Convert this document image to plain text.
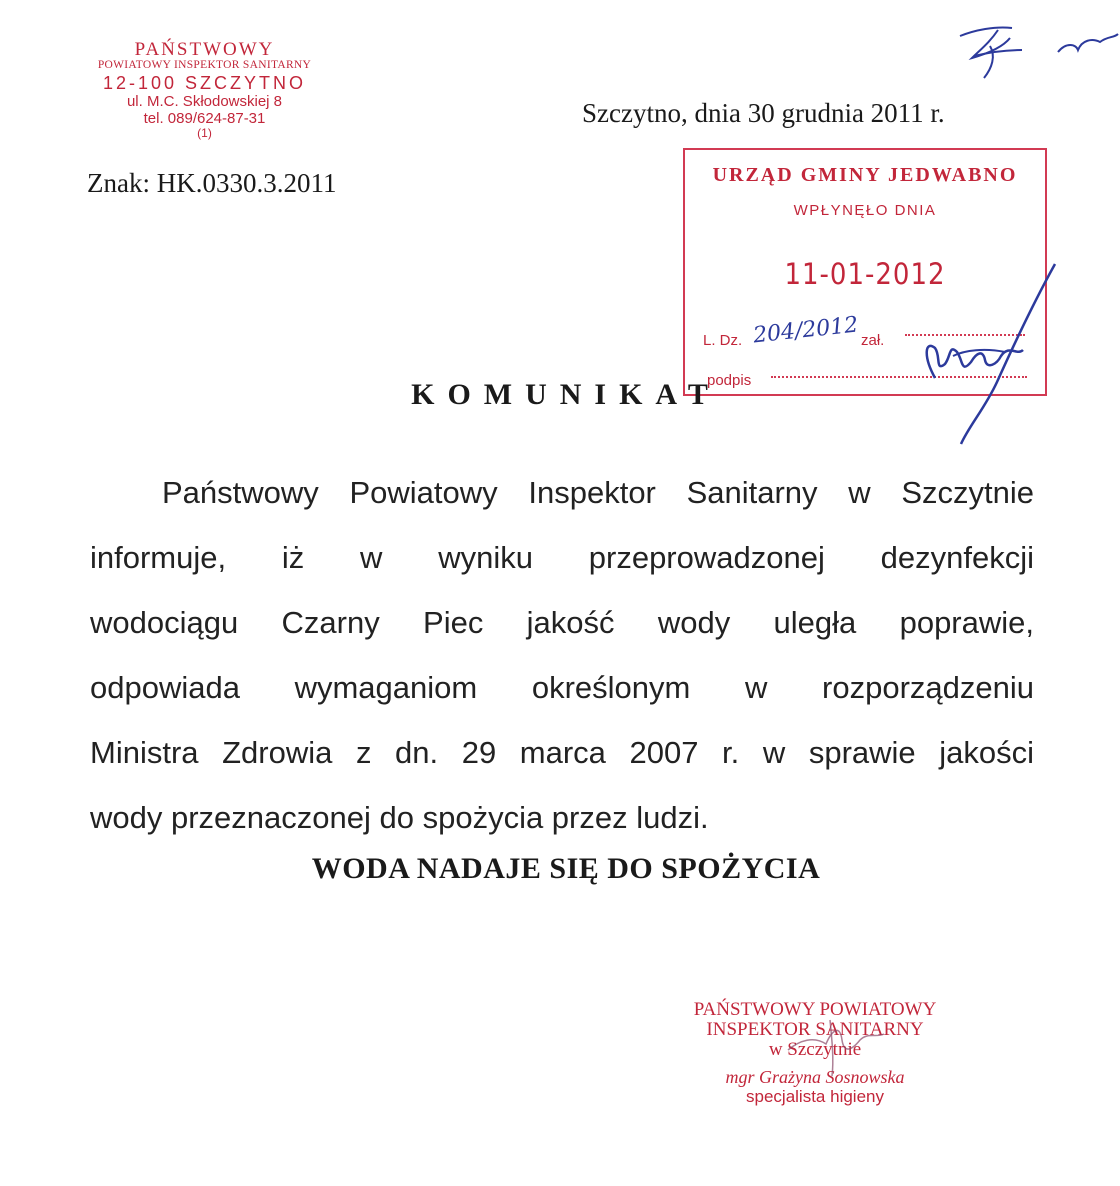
PAŃSTWOWY
POWIATOWY INSPEKTOR SANITARNY
12-100 SZCZYTNO
ul. M.C. Skłodowskiej 8
tel. 089/624-87-31
(1)
Szczytno, dnia 30 grudnia 2011 r.
Znak: HK.0330.3.2011	URZĄD GMINY JEDWABNO
WPŁYNĘŁO DNIA
11-01-2012
L. Dz. 204/2012 zał.
podpis
KOMUNIKAT
Państwowy Powiatowy Inspektor Sanitarny w Szczytnie
informuje, iż w wyniku przeprowadzonej dezynfekcji
wodociągu Czarny Piec jakość wody uległa poprawie,
odpowiada wymaganiom określonym w rozporządzeniu
Ministra Zdrowia z dn. 29 marca 2007 r. w sprawie jakości
wody przeznaczonej do spożycia przez ludzi.
WODA NADAJE SIĘ DO SPOŻYCIA
PAŃSTWOWY POWIATOWY
INSPEKTOR SANITARNY
w Szczytnie
mgr Grażyna Sosnowska
specjalista higieny
